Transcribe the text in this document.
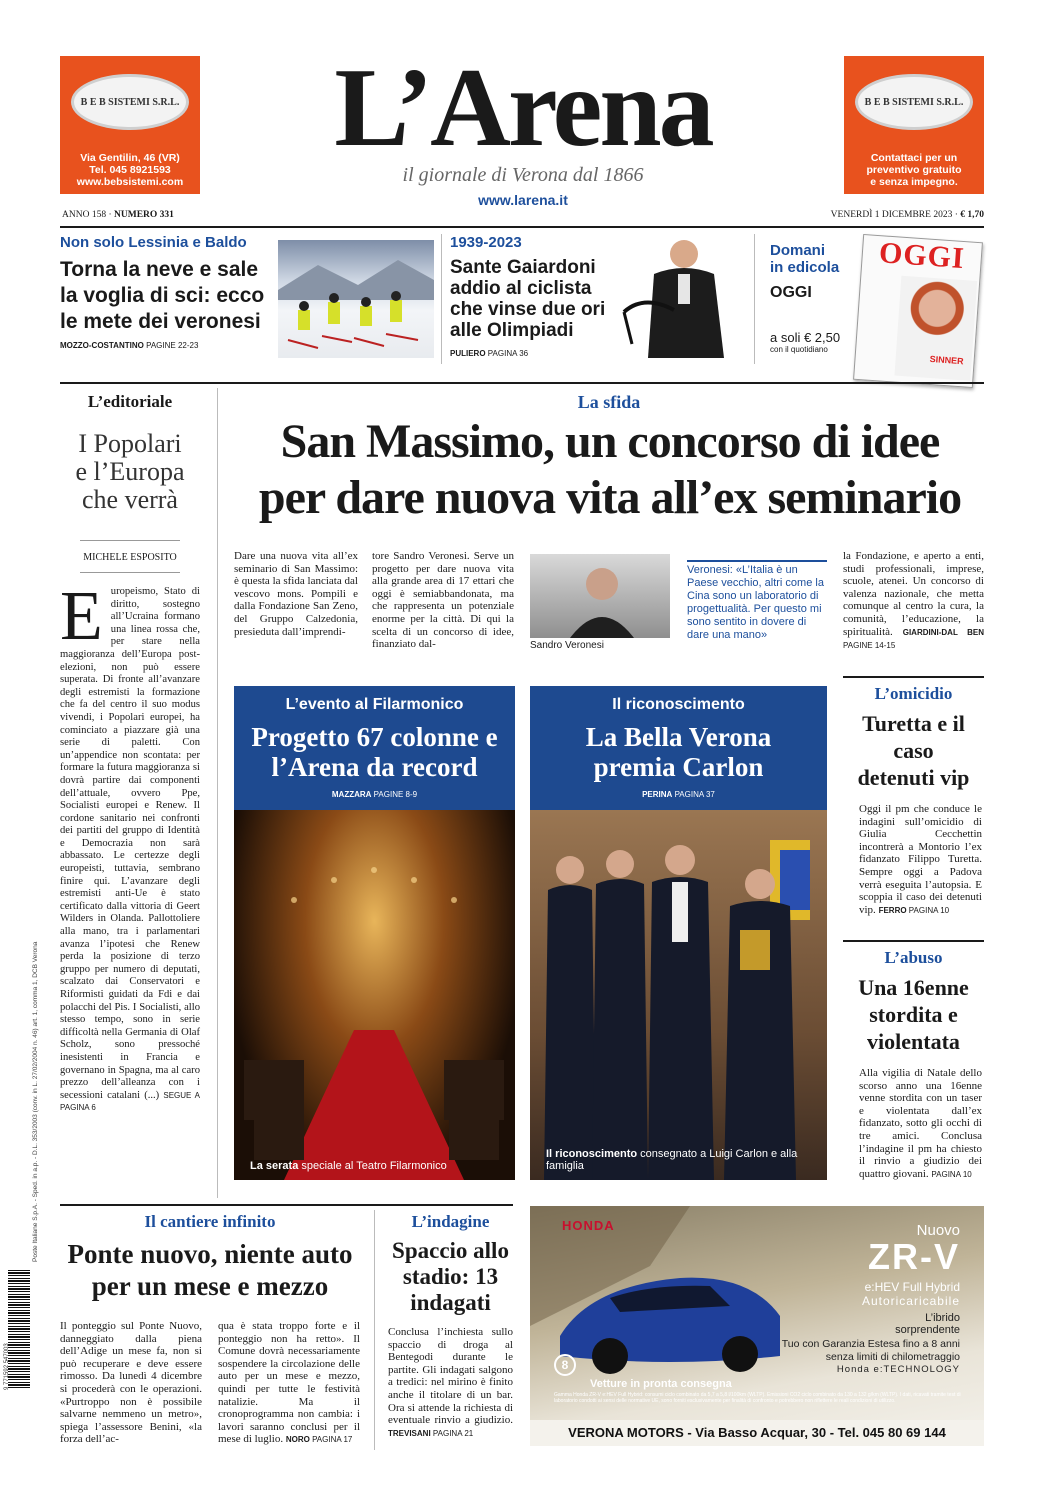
B E B SISTEMI S.R.L.
Via Gentilin, 46 (VR)
Tel. 045 8921593
www.bebsistemi.com
B E B SISTEMI S.R.L.
Contattaci per un
preventivo gratuito
e senza impegno.
L’Arena
il giornale di Verona dal 1866
www.larena.it
ANNO 158 · NUMERO 331	VENERDÌ 1 DICEMBRE 2023 · € 1,70
Non solo Lessinia e Baldo
Torna la neve e sale la voglia di sci: ecco le mete dei veronesi
MOZZO-COSTANTINO PAGINE 22-23
1939-2023
Sante Gaiardoni addio al ciclista che vinse due ori alle Olimpiadi
PULIERO PAGINA 36
Domani
in edicola
OGGI
a soli € 2,50
con il quotidiano
OGGI
SINNER
L’editoriale
I Popolari e l’Europa che verrà
MICHELE ESPOSITO
Europeismo, Stato di diritto, sostegno all’Ucraina formano una linea rossa che, per stare nella maggioranza dell’Europa post-elezioni, non può essere superata. Di fronte all’avanzare degli estremisti la formazione che fa del centro il suo modus vivendi, i Popolari europei, ha cominciato a piazzare già una serie di paletti. Con un’appendice non scontata: per formare la futura maggioranza si dovrà partire dai componenti dell’attuale, ovvero Ppe, Socialisti europei e Renew. Il cordone sanitario nei confronti dei partiti del gruppo di Identità e Democrazia non sarà abbassato. Le certezze degli europeisti, tuttavia, sembrano finire qui. L’avanzare degli estremisti anti-Ue è stato certificato dalla vittoria di Geert Wilders in Olanda. Pallottoliere alla mano, tra i parlamentari avanza l’ipotesi che Renew perda la posizione di terzo gruppo per numero di deputati, scalzato dai Conservatori e Riformisti guidati da Fdi e dai polacchi del Pis. I Socialisti, allo stesso tempo, sono in serie difficoltà nella Germania di Olaf Scholz, sono pressoché inesistenti in Francia e governano in Spagna, ma al caro prezzo dell’alleanza con i secessioni catalani (...) SEGUE A PAGINA 6
La sfida
San Massimo, un concorso di idee
per dare nuova vita all’ex seminario
Dare una nuova vita all’ex seminario di San Massimo: è questa la sfida lanciata dal vescovo mons. Pompili e dalla Fondazione San Zeno, del Gruppo Calzedonia, presieduta dall’imprendi-
tore Sandro Veronesi. Serve un progetto per dare nuova vita alla grande area di 17 ettari che oggi è semiabbandonata, ma che rappresenta un potenziale enorme per la città. Di qui la scelta di un concorso di idee, finanziato dal-	Sandro Veronesi
Veronesi: «L’Italia è un Paese vecchio, altri come la Cina sono un laboratorio di progettualità. Per questo mi sono sentito in dovere di dare una mano»
la Fondazione, e aperto a enti, studi professionali, imprese, scuole, atenei. Un concorso di valenza nazionale, che metta comunque al centro la cura, la comunità, l’educazione, la spiritualità. GIARDINI-DAL BEN PAGINE 14-15
L’evento al Filarmonico
Progetto 67 colonne e l’Arena da record
MAZZARA PAGINE 8-9
La serata speciale al Teatro Filarmonico
Il riconoscimento
La Bella Verona premia Carlon
PERINA PAGINA 37
Il riconoscimento consegnato a Luigi Carlon e alla famiglia
L’omicidio
Turetta e il caso detenuti vip
Oggi il pm che conduce le indagini sull’omicidio di Giulia Cecchettin incontrerà a Montorio l’ex fidanzato Filippo Turetta. Sempre oggi a Padova verrà eseguita l’autopsia. E scoppia il caso dei detenuti vip. FERRO PAGINA 10
L’abuso
Una 16enne stordita e violentata
Alla vigilia di Natale dello scorso anno una 16enne venne stordita con un taser e violentata dall’ex fidanzato, sotto gli occhi di tre amici. Conclusa l’indagine il pm ha chiesto il rinvio a giudizio dei quattro giovani. PAGINA 10
Il cantiere infinito
Ponte nuovo, niente auto
per un mese e mezzo
Il ponteggio sul Ponte Nuovo, danneggiato dalla piena dell’Adige un mese fa, non si può recuperare e deve essere rimosso. Da lunedì 4 dicembre si procederà con le operazioni. «Purtroppo non è possibile salvarne nemmeno un metro», spiega l’assessore Benini, «la forza dell’ac-
qua è stata troppo forte e il ponteggio non ha retto». Il Comune dovrà necessariamente sospendere la circolazione delle auto per un mese e mezzo, quindi per tutte le festività natalizie. Ma il cronoprogramma non cambia: i lavori saranno conclusi per il mese di luglio. NORO PAGINA 17
L’indagine
Spaccio allo stadio: 13 indagati
Conclusa l’inchiesta sullo spaccio di droga al Bentegodi durante le partite. Gli indagati salgono a tredici: nel mirino è finito anche il titolare di un bar. Ora si attende la richiesta di eventuale rinvio a giudizio. TREVISANI PAGINA 21
HONDA	Nuovo
ZR-V
e:HEV Full Hybrid
Autoricaricabile
L’ibrido
sorprendente
Tuo con Garanzia Estesa fino a 8 anni
senza limiti di chilometraggio
Honda e:TECHNOLOGY
8
Vetture in pronta consegna
Gamma Honda ZR-V e:HEV Full Hybrid: consumi ciclo combinato da 5,7 a 5,8 l/100km (WLTP). Emissioni CO2 ciclo combinato da 130 a 132 g/km (WLTP). I dati, ricavati tramite test di laboratorio condotti ai sensi delle normative UE, sono forniti esclusivamente per finalità di confronto e potrebbero non riflettere le reali condizioni di utilizzo.
VERONA MOTORS - Via Basso Acquar, 30 - Tel. 045 80 69 144
Poste Italiane S.p.A. - Sped. in a.p. - D.L. 353/2003 (conv. in L. 27/02/2004 n. 46) art. 1, comma 1, DCB Verona
9 771592 547003
